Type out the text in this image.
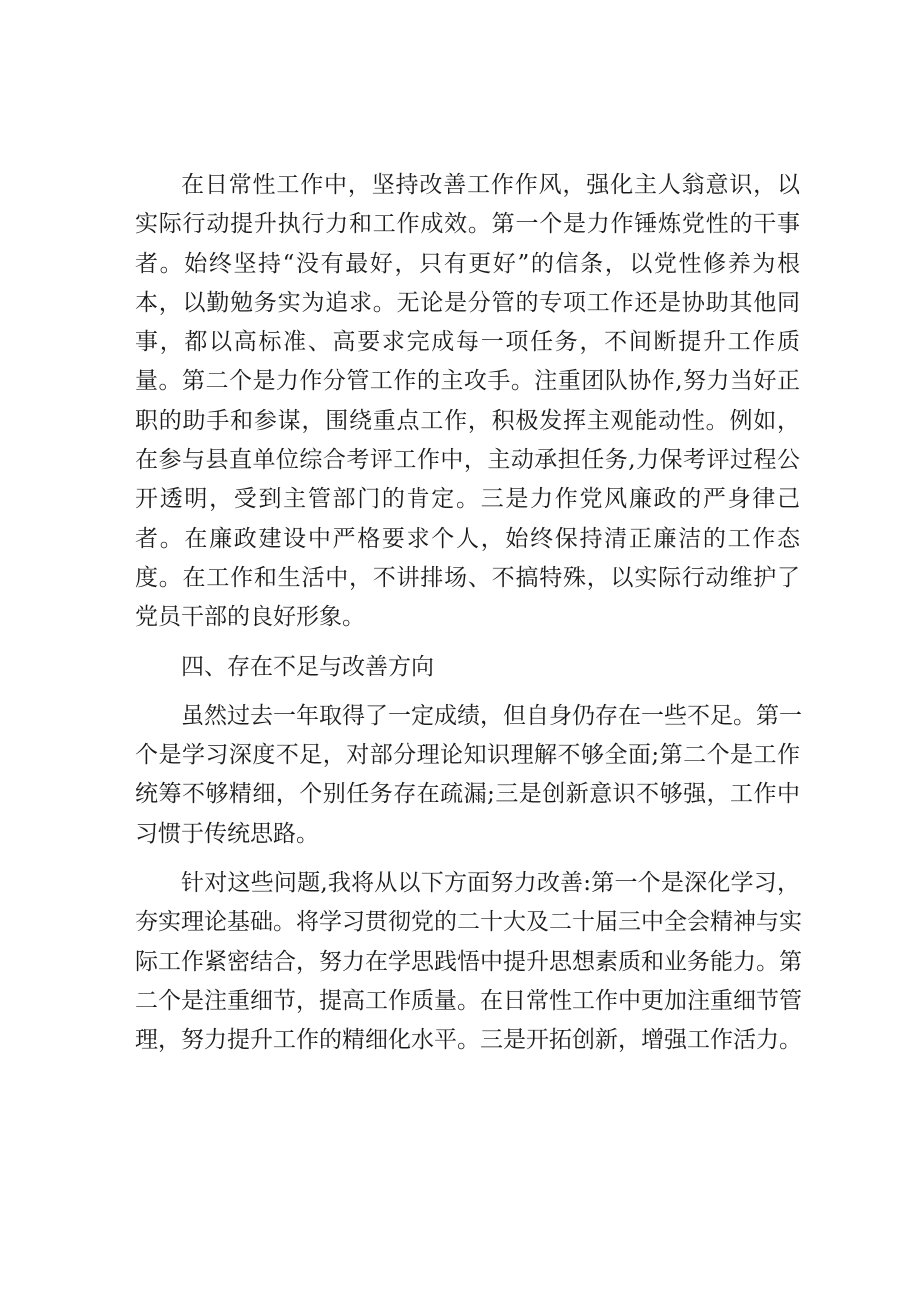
在日常性工作中，坚持改善工作作风，强化主人翁意识，以
实际行动提升执行力和工作成效。第一个是力作锤炼党性的干事
者。始终坚持“没有最好，只有更好”的信条，以党性修养为根
本，以勤勉务实为追求。无论是分管的专项工作还是协助其他同
事，都以高标准、高要求完成每一项任务，不间断提升工作质
量。第二个是力作分管工作的主攻手。注重团队协作,努力当好正
职的助手和参谋，围绕重点工作，积极发挥主观能动性。例如，
在参与县直单位综合考评工作中，主动承担任务,力保考评过程公
开透明，受到主管部门的肯定。三是力作党风廉政的严身律己
者。在廉政建设中严格要求个人，始终保持清正廉洁的工作态
度。在工作和生活中，不讲排场、不搞特殊，以实际行动维护了
党员干部的良好形象。
四、存在不足与改善方向
虽然过去一年取得了一定成绩，但自身仍存在一些不足。第一
个是学习深度不足，对部分理论知识理解不够全面;第二个是工作
统筹不够精细，个别任务存在疏漏;三是创新意识不够强，工作中
习惯于传统思路。
针对这些问题,我将从以下方面努力改善:第一个是深化学习，
夯实理论基础。将学习贯彻党的二十大及二十届三中全会精神与实
际工作紧密结合，努力在学思践悟中提升思想素质和业务能力。第
二个是注重细节，提高工作质量。在日常性工作中更加注重细节管
理，努力提升工作的精细化水平。三是开拓创新，增强工作活力。
